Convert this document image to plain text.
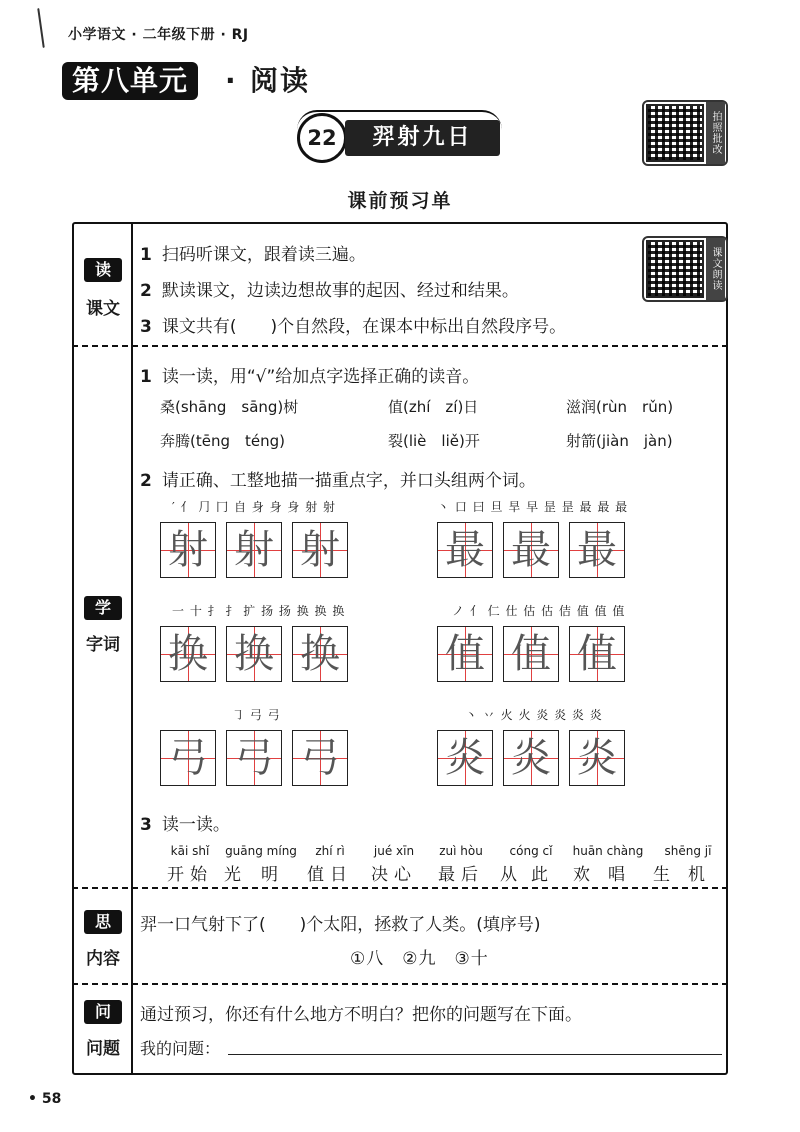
小学语文 · 二年级下册 · RJ
第八单元	· 阅读
22	羿射九日	拍照批改
课前预习单
读
课文
1 扫码听课文，跟着读三遍。
2 默读课文，边读边想故事的起因、经过和结果。
3 课文共有(　　)个自然段，在课本中标出自然段序号。
课文朗读
学
字词
1 读一读，用“√”给加点字选择正确的读音。
桑(shāng　sāng)树	值(zhí　zí)日	滋润(rùn　rǔn)
奔腾(tēng　téng)	裂(liè　liě)开	射箭(jiàn　jàn)
2 请正确、工整地描一描重点字，并口头组两个词。
′ 亻 ⺆ 冂 自 身 身 身 射 射
射 射 射
丶 口 曰 旦 旱 早 昰 昰 最 最 最
最 最 最
一 十 扌 扌 扩 扬 扬 换 换 换
换 换 换
ノ 亻 仁 仕 估 估 佶 值 值 值
值 值 值
㇆ 弓 弓
弓 弓 弓
丶 丷 火 火 炎 炎 炎 炎
炎 炎 炎
3 读一读。
kāi shǐ
开始
guāng míng
光明
zhí rì
值日
jué xīn
决心
zuì hòu
最后
cóng cǐ
从此
huān chàng
欢唱
shēng jī
生机
思
内容
羿一口气射下了(　　)个太阳，拯救了人类。(填序号)
①八　②九　③十
问
问题
通过预习，你还有什么地方不明白？把你的问题写在下面。
我的问题：
• 58
